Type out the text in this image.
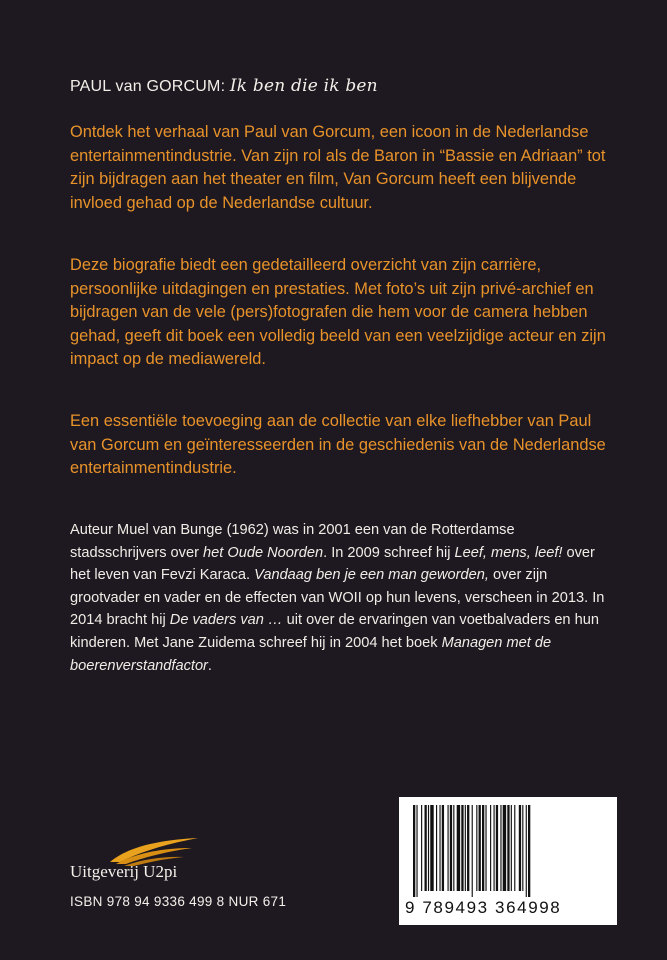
PAUL van GORCUM: Ik ben die ik ben

Ontdek het verhaal van Paul van Gorcum, een icoon in de Nederlandse entertainmentindustrie. Van zijn rol als de Baron in “Bassie en Adriaan” tot zijn bijdragen aan het theater en film, Van Gorcum heeft een blijvende invloed gehad op de Nederlandse cultuur.

Deze biografie biedt een gedetailleerd overzicht van zijn carrière, persoonlijke uitdagingen en prestaties. Met foto’s uit zijn privé-archief en bijdragen van de vele (pers)fotografen die hem voor de camera hebben gehad, geeft dit boek een volledig beeld van een veelzijdige acteur en zijn impact op de mediawereld.

Een essentiële toevoeging aan de collectie van elke liefhebber van Paul van Gorcum en geïnteresseerden in de geschiedenis van de Nederlandse entertainmentindustrie.

Auteur Muel van Bunge (1962) was in 2001 een van de Rotterdamse stadsschrijvers over het Oude Noorden. In 2009 schreef hij Leef, mens, leef! over het leven van Fevzi Karaca. Vandaag ben je een man geworden, over zijn grootvader en vader en de effecten van WOII op hun levens, verscheen in 2013. In 2014 bracht hij De vaders van … uit over de ervaringen van voetbalvaders en hun kinderen. Met Jane Zuidema schreef hij in 2004 het boek Managen met de boerenverstandfactor.

Uitgeverij U2pi
ISBN 978 94 9336 499 8 NUR 671	9 789493 364998
